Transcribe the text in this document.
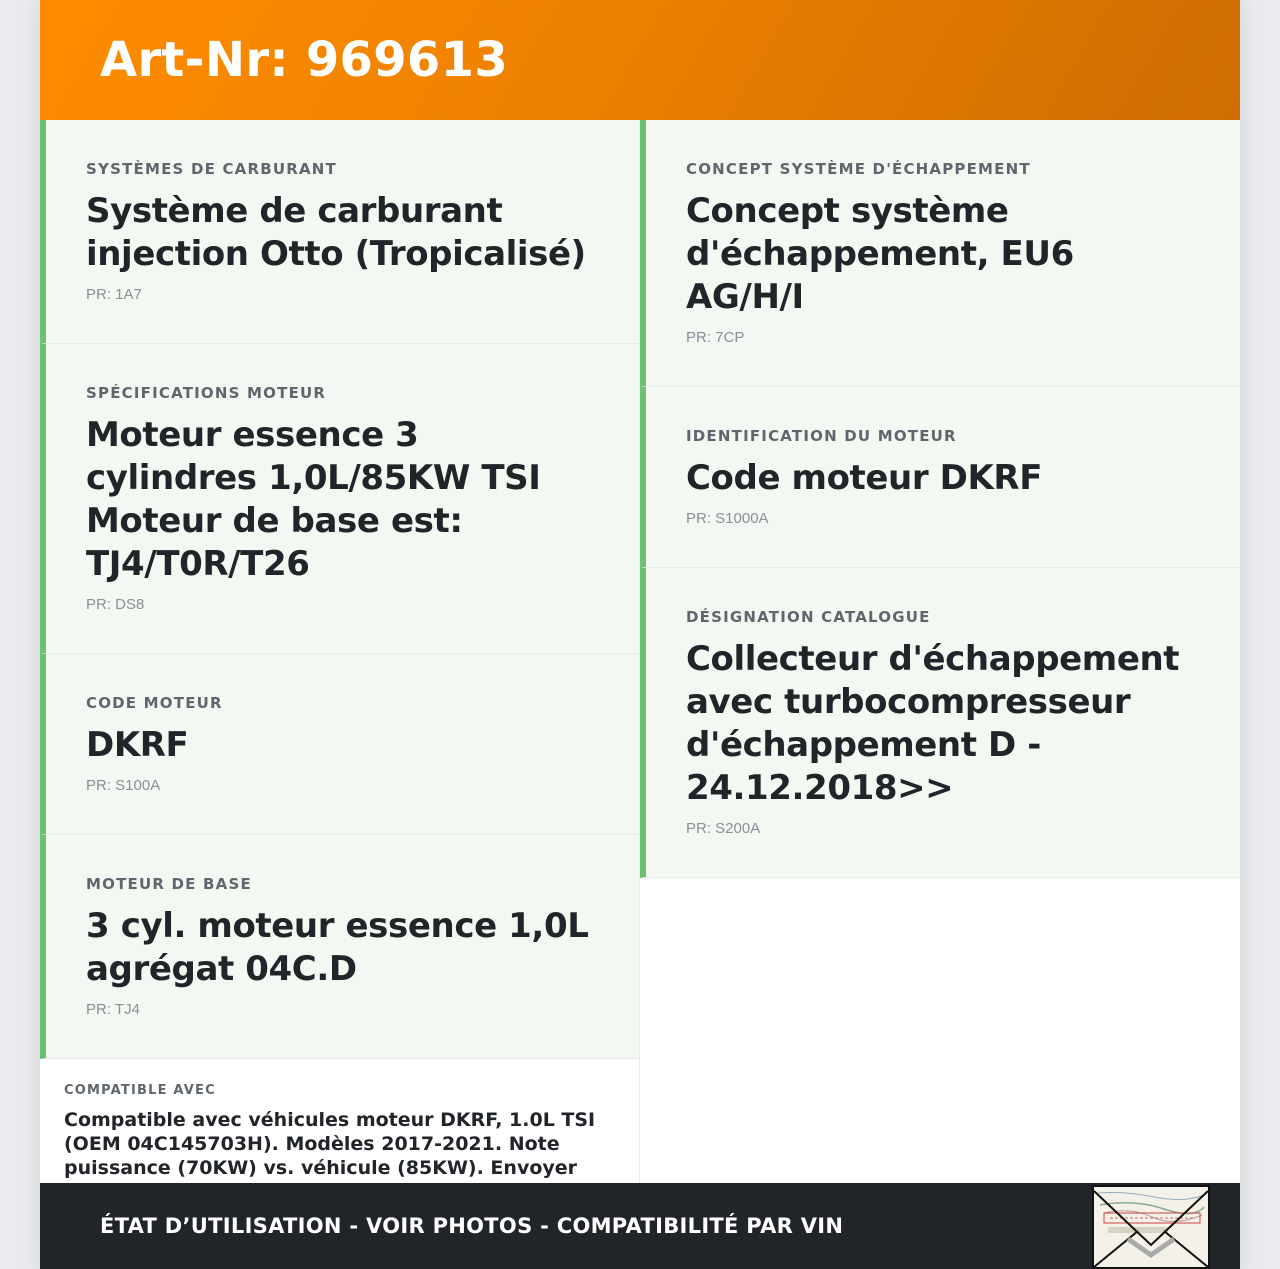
Art-Nr: 969613
SYSTÈMES DE CARBURANT
Système de carburant injection Otto (Tropicalisé)
PR: 1A7
SPÉCIFICATIONS MOTEUR
Moteur essence 3 cylindres 1,0L/85KW TSI Moteur de base est: TJ4/T0R/T26
PR: DS8
CODE MOTEUR
DKRF
PR: S100A
MOTEUR DE BASE
3 cyl. moteur essence 1,0L agrégat 04C.D
PR: TJ4
COMPATIBLE AVEC
Compatible avec véhicules moteur DKRF, 1.0L TSI (OEM 04C145703H). Modèles 2017-2021. Note puissance (70KW) vs. véhicule (85KW). Envoyer
CONCEPT SYSTÈME D'ÉCHAPPEMENT
Concept système d'échappement, EU6 AG/H/I
PR: 7CP
IDENTIFICATION DU MOTEUR
Code moteur DKRF
PR: S1000A
DÉSIGNATION CATALOGUE
Collecteur d'échappement avec turbocompresseur d'échappement D - 24.12.2018>>
PR: S200A
ÉTAT D’UTILISATION - VOIR PHOTOS - COMPATIBILITÉ PAR VIN
